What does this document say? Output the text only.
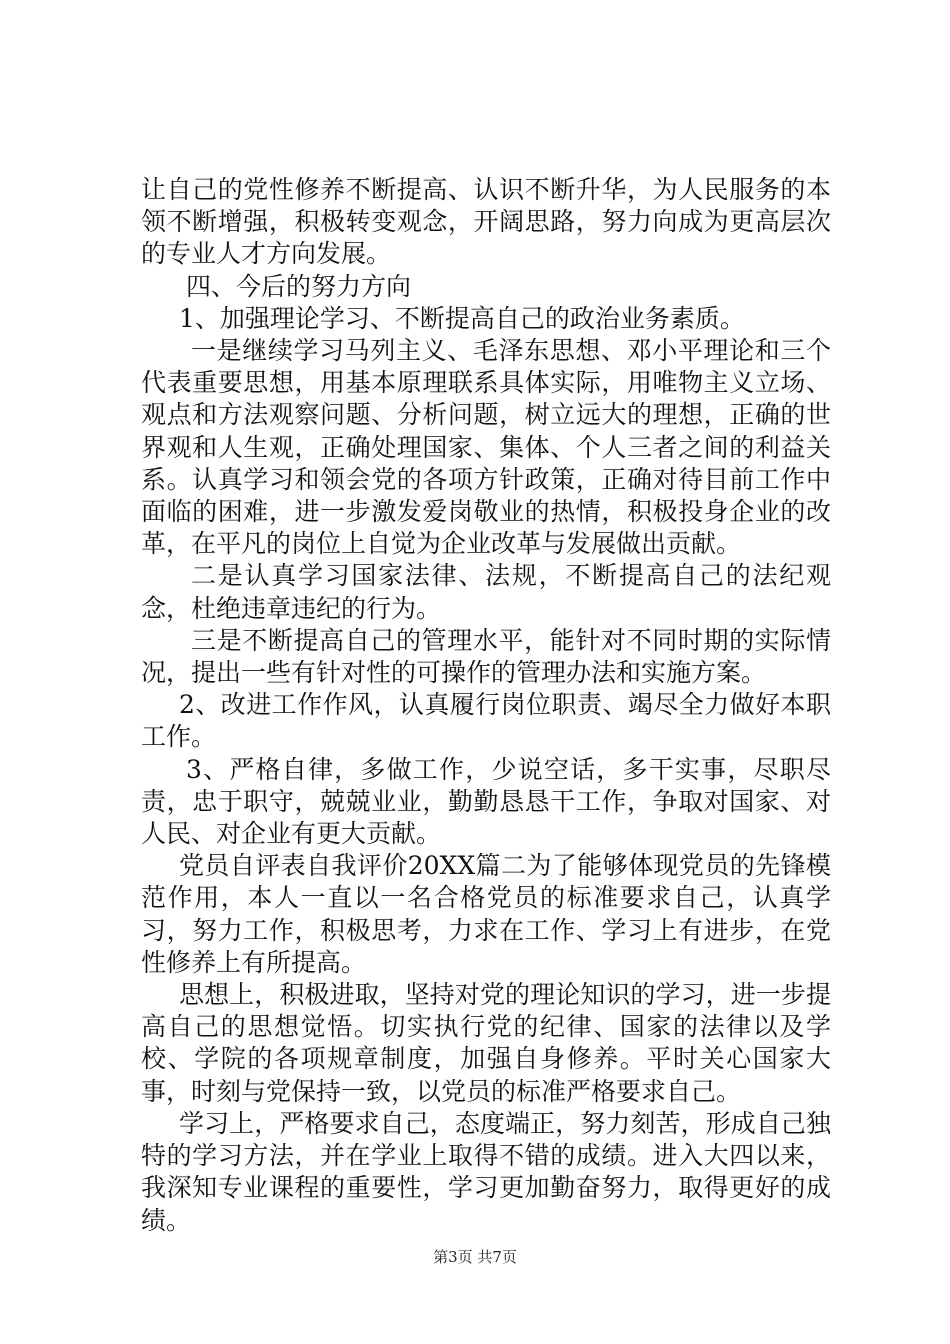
让自己的党性修养不断提高、认识不断升华，为人民服务的本领不断增强，积极转变观念，开阔思路，努力向成为更高层次的专业人才方向发展。

四、今后的努力方向

1、加强理论学习、不断提高自己的政治业务素质。

一是继续学习马列主义、毛泽东思想、邓小平理论和三个代表重要思想，用基本原理联系具体实际，用唯物主义立场、观点和方法观察问题、分析问题，树立远大的理想，正确的世界观和人生观，正确处理国家、集体、个人三者之间的利益关系。认真学习和领会党的各项方针政策，正确对待目前工作中面临的困难，进一步激发爱岗敬业的热情，积极投身企业的改革，在平凡的岗位上自觉为企业改革与发展做出贡献。

二是认真学习国家法律、法规，不断提高自己的法纪观念，杜绝违章违纪的行为。

三是不断提高自己的管理水平，能针对不同时期的实际情况，提出一些有针对性的可操作的管理办法和实施方案。

2、改进工作作风，认真履行岗位职责、竭尽全力做好本职工作。

3、严格自律，多做工作，少说空话，多干实事，尽职尽责，忠于职守，兢兢业业，勤勤恳恳干工作，争取对国家、对人民、对企业有更大贡献。

党员自评表自我评价20XX篇二为了能够体现党员的先锋模范作用，本人一直以一名合格党员的标准要求自己，认真学习，努力工作，积极思考，力求在工作、学习上有进步，在党性修养上有所提高。

思想上，积极进取，坚持对党的理论知识的学习，进一步提高自己的思想觉悟。切实执行党的纪律、国家的法律以及学校、学院的各项规章制度，加强自身修养。平时关心国家大事，时刻与党保持一致，以党员的标准严格要求自己。

学习上，严格要求自己，态度端正，努力刻苦，形成自己独特的学习方法，并在学业上取得不错的成绩。进入大四以来，我深知专业课程的重要性，学习更加勤奋努力，取得更好的成绩。

第3页 共7页
